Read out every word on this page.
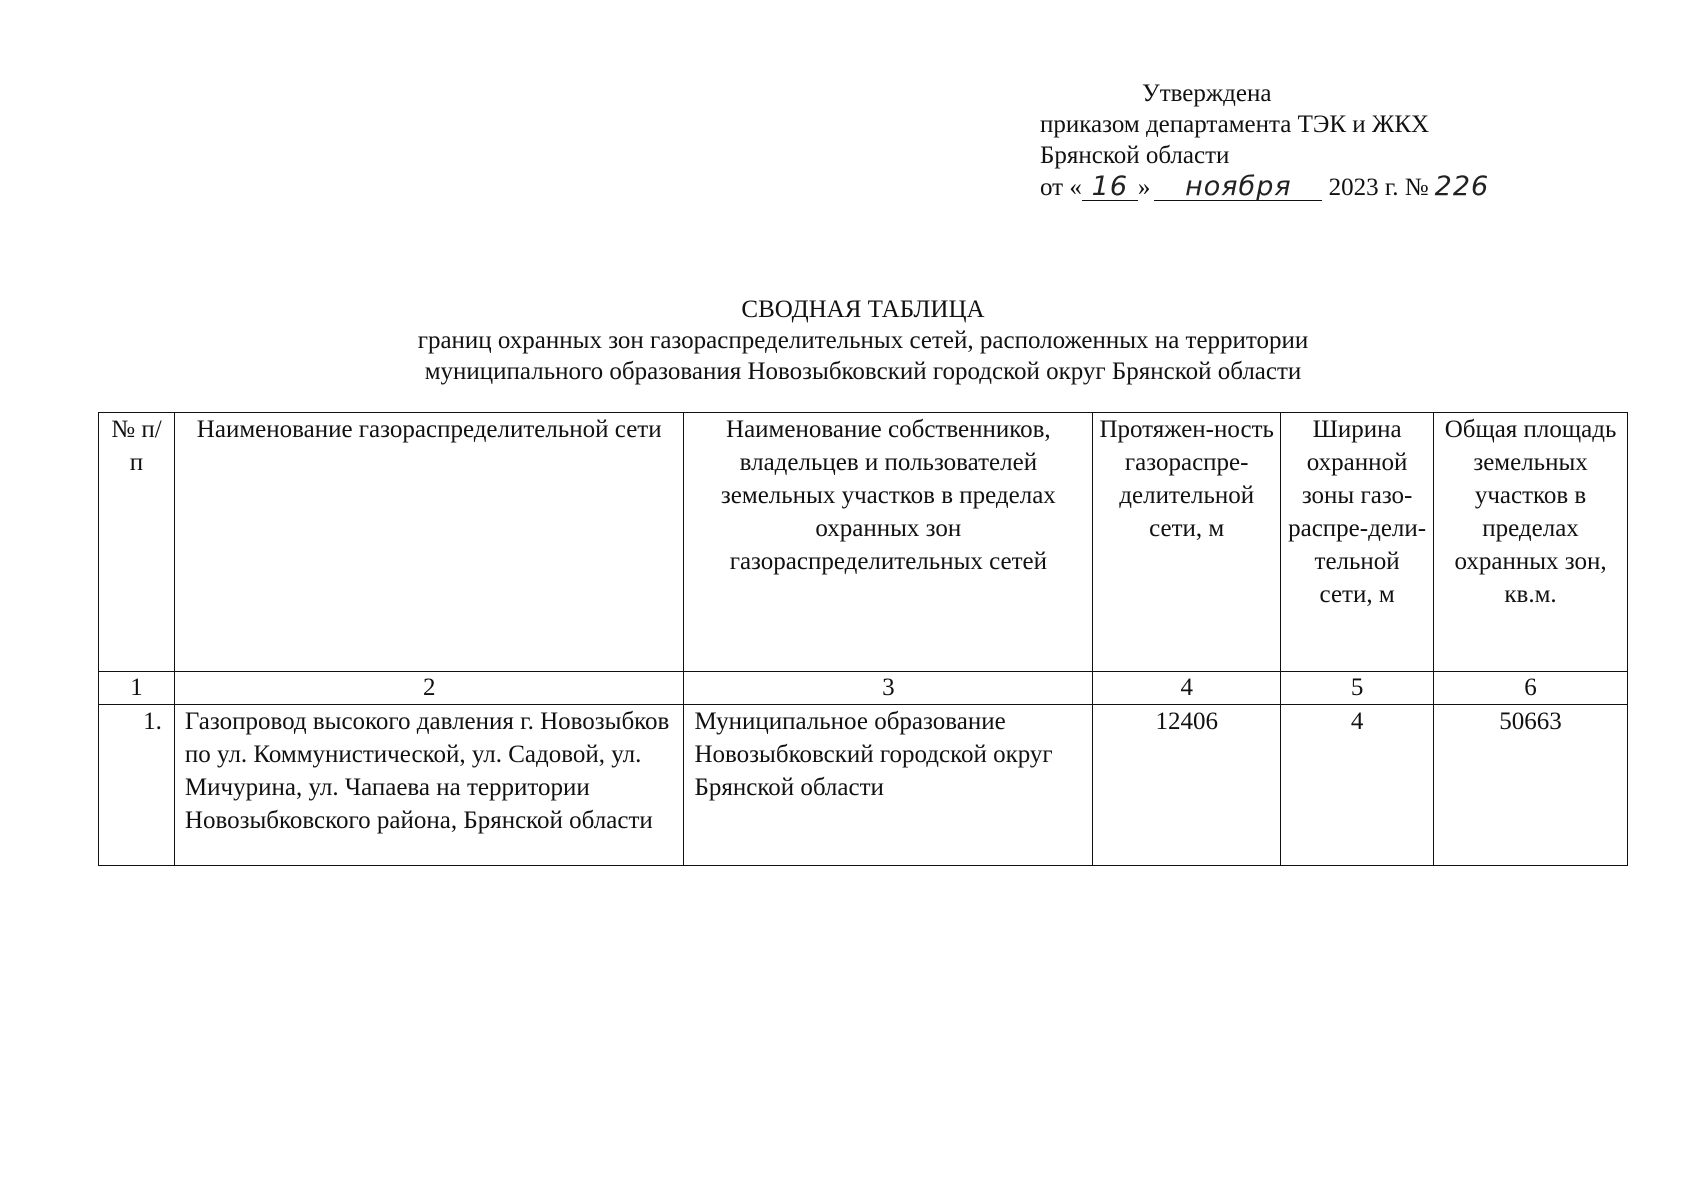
Утверждена
приказом департамента ТЭК и ЖКХ
Брянской области
от « 16 » ноября 2023 г. № 226
СВОДНАЯ ТАБЛИЦА
границ охранных зон газораспределительных сетей, расположенных на территории
муниципального образования Новозыбковский городской округ Брянской области
№ п/п	Наименование газораспределительной сети	Наименование собственников, владельцев и пользователей земельных участков в пределах охранных зон газораспределительных сетей	Протяжен-ность газораспре-делительной сети, м	Ширина охранной зоны газо-распре-дели-тельной сети, м	Общая площадь земельных участков в пределах охранных зон, кв.м.
1	2	3	4	5	6
1.	Газопровод высокого давления г. Новозыбков по ул. Коммунистической, ул. Садовой, ул. Мичурина, ул. Чапаева на территории Новозыбковского района, Брянской области	Муниципальное образование Новозыбковский городской округ Брянской области	12406	4	50663
